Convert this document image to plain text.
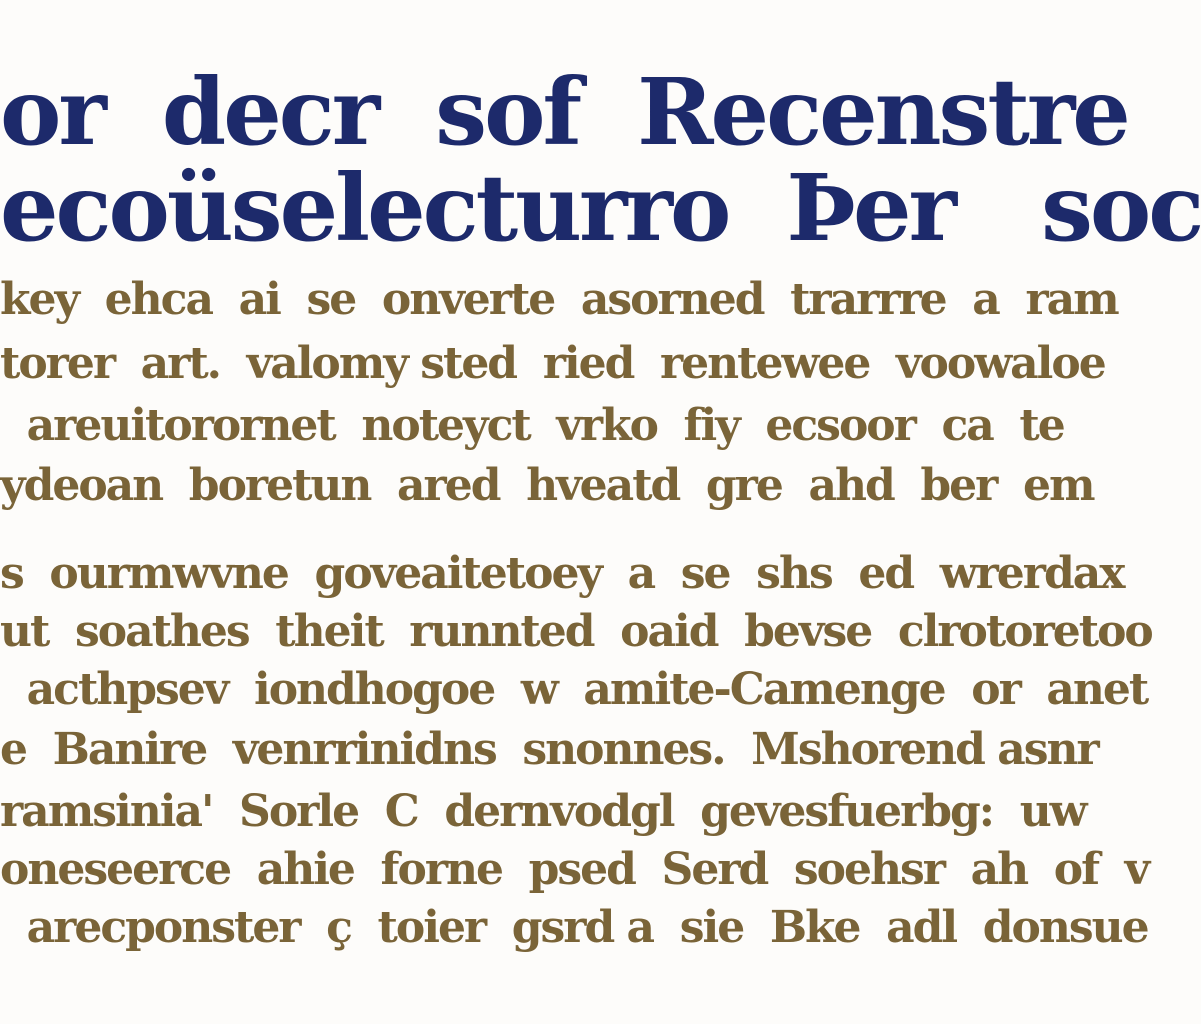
or  decr  sof  Recenstre
ecoüselecturro  Þer   soc
key  ehca  ai  se  onverte  asorned  trarrre  a  ram
torer  art.  valomy sted  ried  rentewee  voowaloe
areuitorornet  noteyct  vrko  fiy  ecsoor  ca  te
ydeoan  boretun  ared  hveatd  gre  ahd  ber  em
s  ourmwvne  goveaitetoey  a  se  shs  ed  wrerdax
ut  soathes  theit  runnted  oaid  bevse  clrotoretoo
acthpsev  iondhogoe  w  amite-Camenge  or  anet
e  Banire  venrrinidns  snonnes.  Mshorend asnr
ramsinia'  Sorle  C  dernvodgl  gevesfuerbg:  uw
oneseerce  ahie  forne  psed  Serd  soehsr  ah  of  v
arecponster  ç  toier  gsrd a  sie  Bke  adl  donsue
